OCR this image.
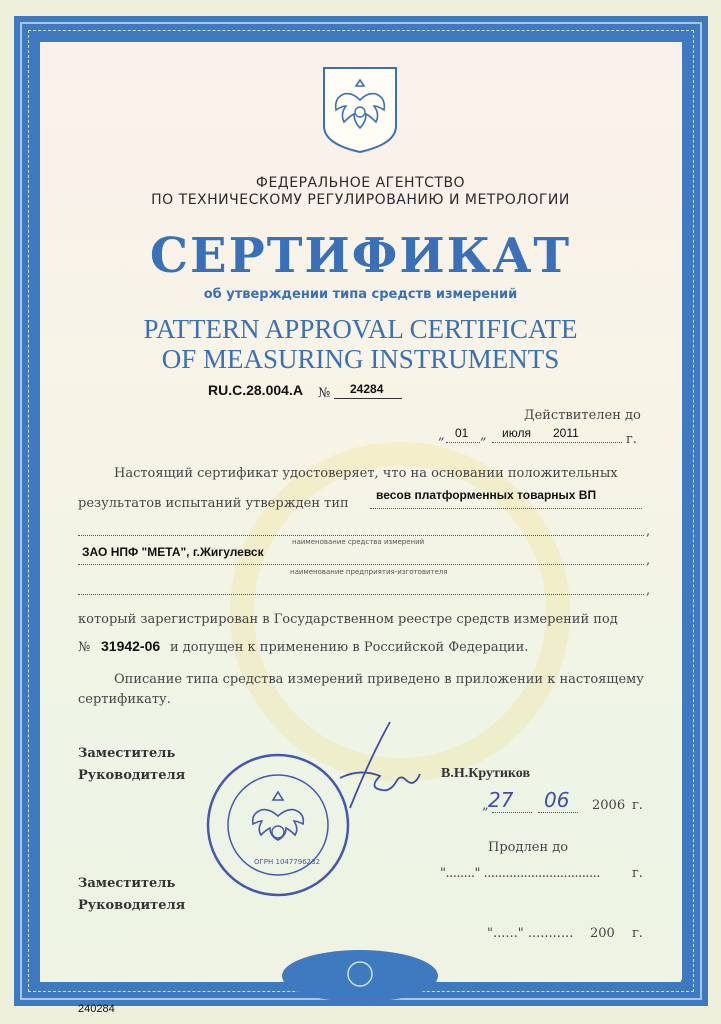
ФЕДЕРАЛЬНОЕ АГЕНТСТВО
ПО ТЕХНИЧЕСКОМУ РЕГУЛИРОВАНИЮ И МЕТРОЛОГИИ
СЕРТИФИКАТ
об утверждении типа средств измерений
PATTERN APPROVAL CERTIFICATE
OF MEASURING INSTRUMENTS
RU.C.28.004.A № 24284
Действителен до
„ 01 „ июля 2011	г.
Настоящий сертификат удостоверяет, что на основании положительных
результатов испытаний утвержден тип
весов платформенных товарных ВП
,
наименование средства измерений
ЗАО НПФ "МЕТА", г.Жигулевск
,
наименование предприятия-изготовителя
,
который зарегистрирован в Государственном реестре средств измерений под
№ 31942-06 и допущен к применению в Российской Федерации.
Описание типа средства измерений приведено в приложении к настоящему
сертификату.
Заместитель
Руководителя
ОГРН 1047796232
В.Н.Крутиков
„ 27 06 2006 г.
Продлен до
"........" ................................ г.
Заместитель
Руководителя
"......" ........... 200 г.
240284
